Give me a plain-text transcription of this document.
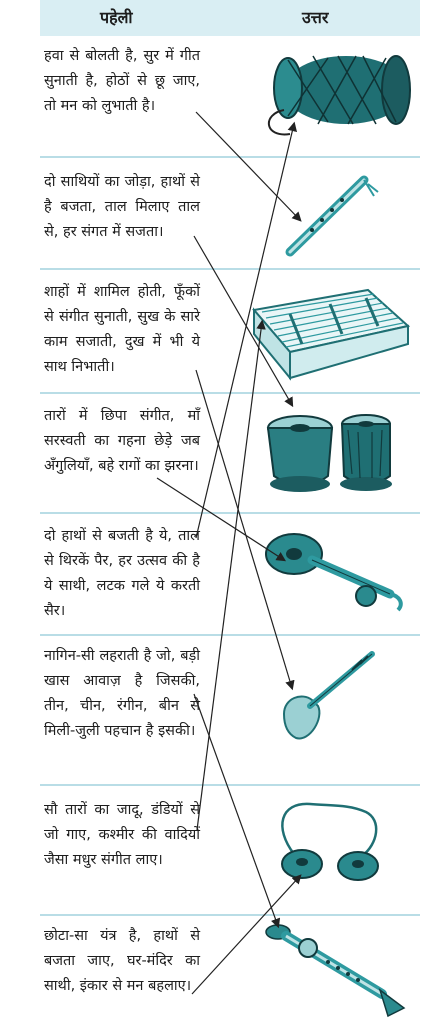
पहेली	उत्तर
हवा से बोलती है, सुर में गीत सुनाती है, होठों से छू जाए, तो मन को लुभाती है।
दो साथियों का जोड़ा, हाथों से है बजता, ताल मिलाए ताल से, हर संगत में सजता।
शाहों में शामिल होती, फूँकों से संगीत सुनाती, सुख के सारे काम सजाती, दुख में भी ये साथ निभाती।
तारों में छिपा संगीत, माँ सरस्वती का गहना छेड़े जब अँगुलियाँ, बहे रागों का झरना।
दो हाथों से बजती है ये, ताल से थिरकें पैर, हर उत्सव की है ये साथी, लटक गले ये करती सैर।
नागिन-सी लहराती है जो, बड़ी खास आवाज़ है जिसकी, तीन, चीन, रंगीन, बीन से मिली-जुली पहचान है इसकी।
सौ तारों का जादू, डंडियों से जो गाए, कश्मीर की वादियों जैसा मधुर संगीत लाए।
छोटा-सा यंत्र है, हाथों से बजता जाए, घर-मंदिर का साथी, इंकार से मन बहलाए।
